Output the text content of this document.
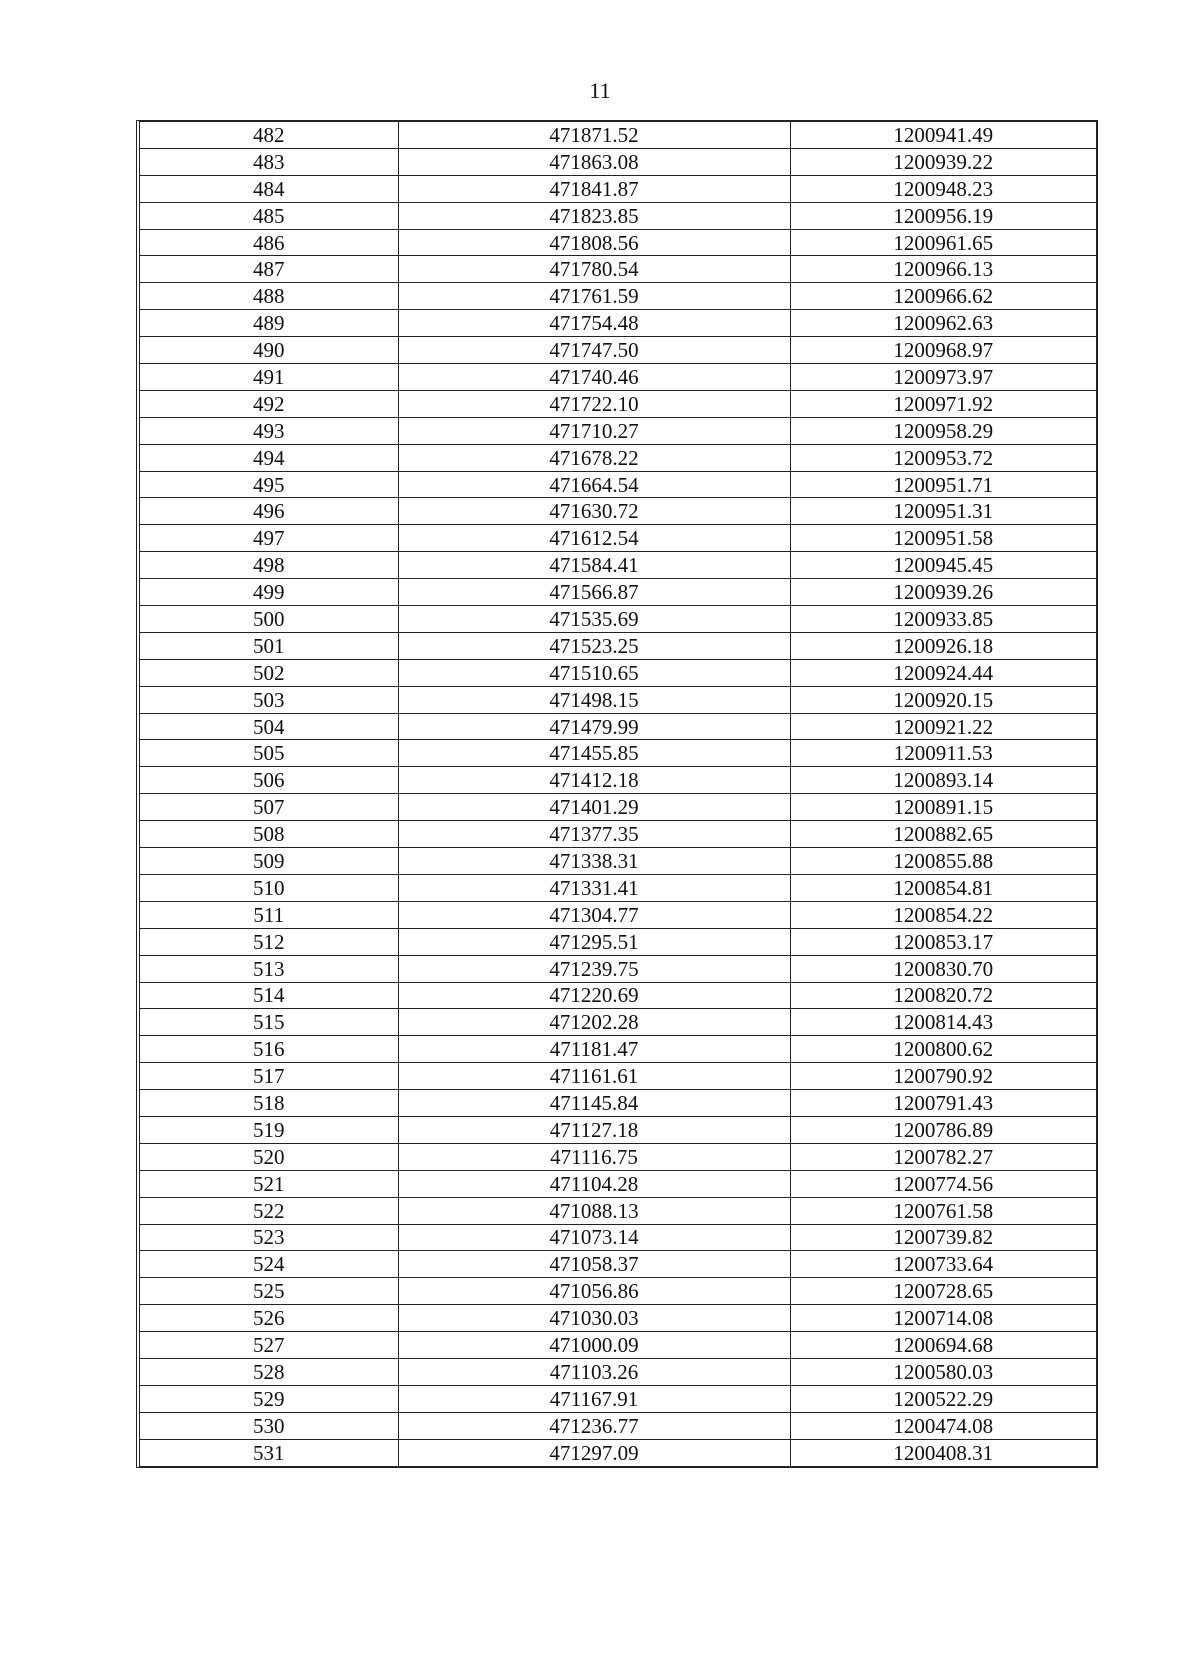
11
482	471871.52	1200941.49
483	471863.08	1200939.22
484	471841.87	1200948.23
485	471823.85	1200956.19
486	471808.56	1200961.65
487	471780.54	1200966.13
488	471761.59	1200966.62
489	471754.48	1200962.63
490	471747.50	1200968.97
491	471740.46	1200973.97
492	471722.10	1200971.92
493	471710.27	1200958.29
494	471678.22	1200953.72
495	471664.54	1200951.71
496	471630.72	1200951.31
497	471612.54	1200951.58
498	471584.41	1200945.45
499	471566.87	1200939.26
500	471535.69	1200933.85
501	471523.25	1200926.18
502	471510.65	1200924.44
503	471498.15	1200920.15
504	471479.99	1200921.22
505	471455.85	1200911.53
506	471412.18	1200893.14
507	471401.29	1200891.15
508	471377.35	1200882.65
509	471338.31	1200855.88
510	471331.41	1200854.81
511	471304.77	1200854.22
512	471295.51	1200853.17
513	471239.75	1200830.70
514	471220.69	1200820.72
515	471202.28	1200814.43
516	471181.47	1200800.62
517	471161.61	1200790.92
518	471145.84	1200791.43
519	471127.18	1200786.89
520	471116.75	1200782.27
521	471104.28	1200774.56
522	471088.13	1200761.58
523	471073.14	1200739.82
524	471058.37	1200733.64
525	471056.86	1200728.65
526	471030.03	1200714.08
527	471000.09	1200694.68
528	471103.26	1200580.03
529	471167.91	1200522.29
530	471236.77	1200474.08
531	471297.09	1200408.31
